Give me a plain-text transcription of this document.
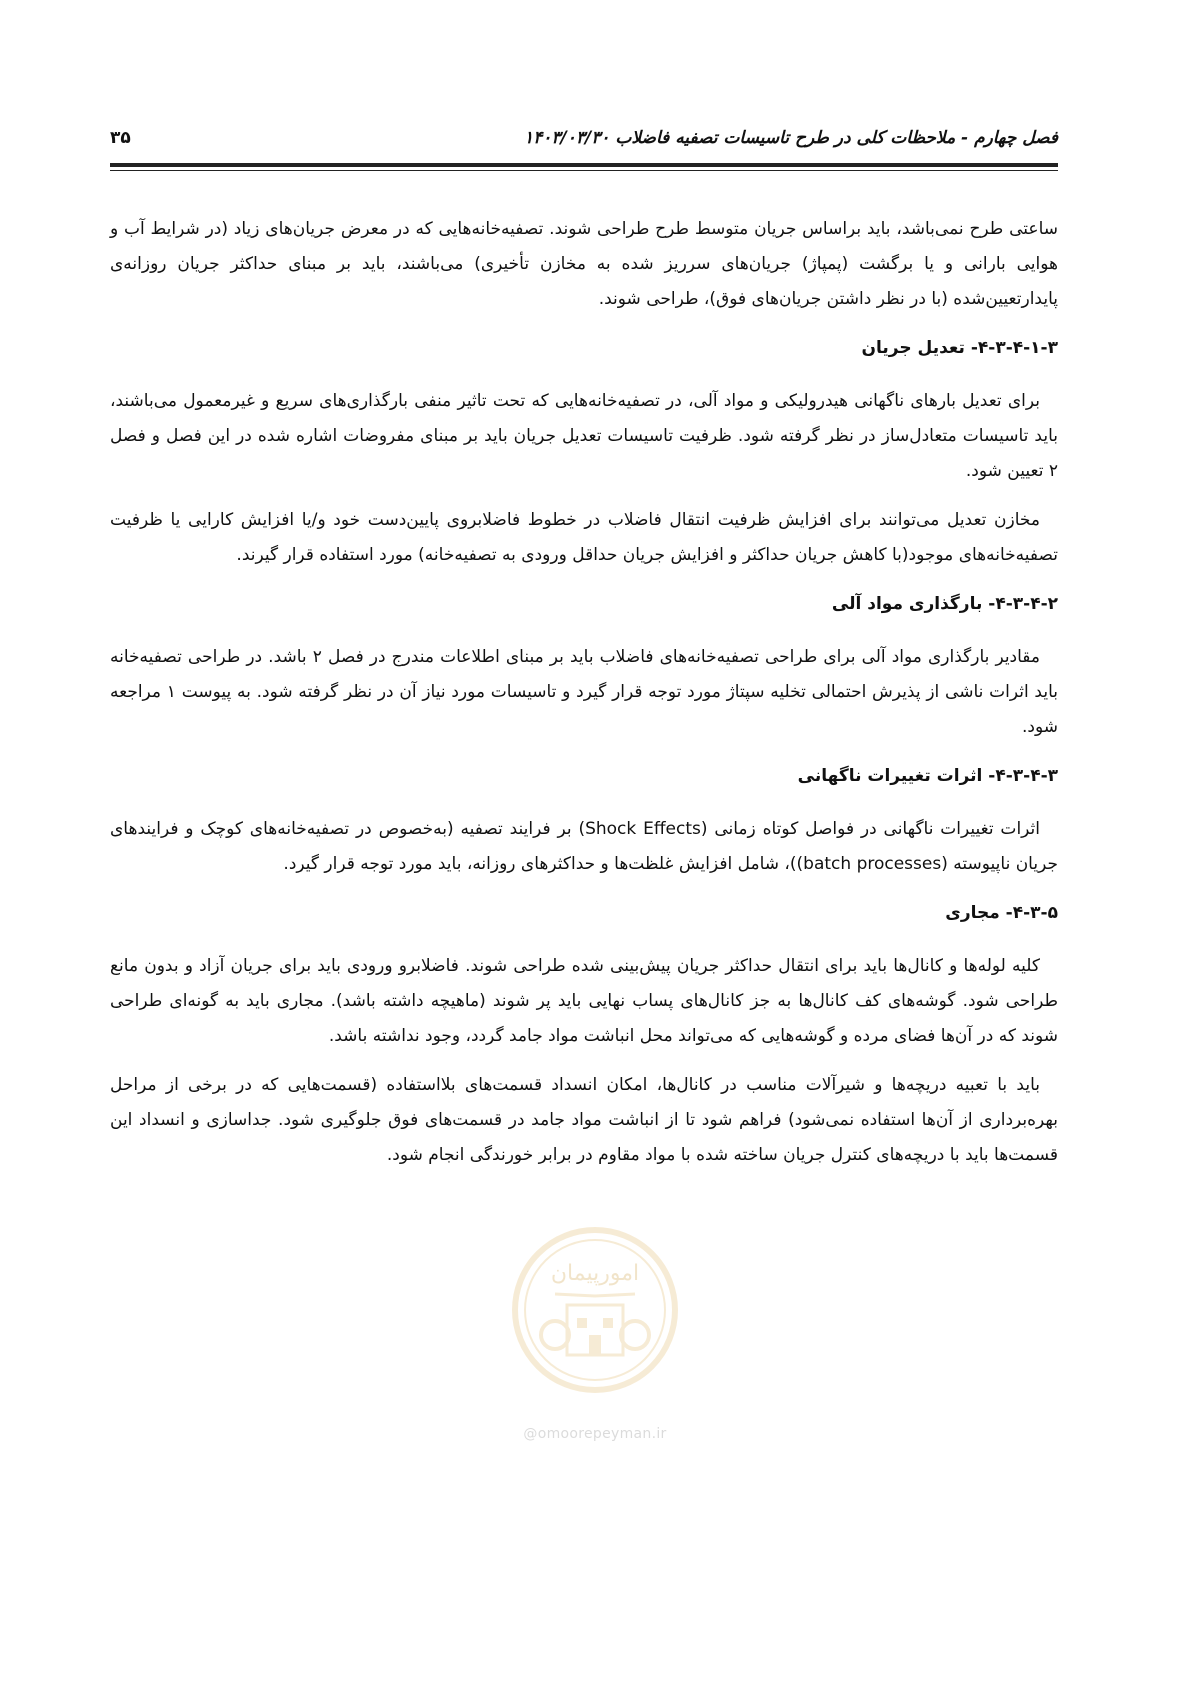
فصل چهارم - ملاحظات کلی در طرح تاسیسات تصفیه فاضلاب ۱۴۰۳/۰۳/۳۰
۳۵

ساعتی طرح نمی‌باشد، باید براساس جریان متوسط طرح طراحی شوند. تصفیه‌خانه‌هایی که در معرض جریان‌های زیاد (در شرایط آب و هوایی بارانی و یا برگشت (پمپاژ) جریان‌های سرریز شده به مخازن تأخیری) می‌باشند، باید بر مبنای حداکثر جریان روزانه‌ی پایدارتعیین‌شده (با در نظر داشتن جریان‌های فوق)، طراحی شوند.

۴-۳-۴-۱-۳- تعدیل جریان

برای تعدیل بارهای ناگهانی هیدرولیکی و مواد آلی، در تصفیه‌خانه‌هایی که تحت تاثیر منفی بارگذاری‌های سریع و غیرمعمول می‌باشند، باید تاسیسات متعادل‌ساز در نظر گرفته شود. ظرفیت تاسیسات تعدیل جریان باید بر مبنای مفروضات اشاره شده در این فصل و فصل ۲ تعیین شود.

مخازن تعدیل می‌توانند برای افزایش ظرفیت انتقال فاضلاب در خطوط فاضلابروی پایین‌دست خود و/یا افزایش کارایی یا ظرفیت تصفیه‌خانه‌های موجود(با کاهش جریان حداکثر و افزایش جریان حداقل ورودی به تصفیه‌خانه) مورد استفاده قرار گیرند.

۴-۳-۴-۲- بارگذاری مواد آلی

مقادیر بارگذاری مواد آلی برای طراحی تصفیه‌خانه‌های فاضلاب باید بر مبنای اطلاعات مندرج در فصل ۲ باشد. در طراحی تصفیه‌خانه باید اثرات ناشی از پذیرش احتمالی تخلیه سپتاژ مورد توجه قرار گیرد و تاسیسات مورد نیاز آن در نظر گرفته شود. به پیوست ۱ مراجعه شود.

۴-۳-۴-۳- اثرات تغییرات ناگهانی

اثرات تغییرات ناگهانی در فواصل کوتاه زمانی (Shock Effects) بر فرایند تصفیه (به‌خصوص در تصفیه‌خانه‌های کوچک و فرایندهای جریان ناپیوسته (batch processes))، شامل افزایش غلظت‌ها و حداکثرهای روزانه، باید مورد توجه قرار گیرد.

۴-۳-۵- مجاری

کلیه لوله‌ها و کانال‌ها باید برای انتقال حداکثر جریان پیش‌بینی شده طراحی شوند. فاضلابرو ورودی باید برای جریان آزاد و بدون مانع طراحی شود. گوشه‌های کف کانال‌ها به جز کانال‌های پساب نهایی باید پر شوند (ماهیچه داشته باشد). مجاری باید به گونه‌ای طراحی شوند که در آن‌ها فضای مرده و گوشه‌هایی که می‌تواند محل انباشت مواد جامد گردد، وجود نداشته باشد.

باید با تعبیه دریچه‌ها و شیرآلات مناسب در کانال‌ها، امکان انسداد قسمت‌های بلااستفاده (قسمت‌هایی که در برخی از مراحل بهره‌برداری از آن‌ها استفاده نمی‌شود) فراهم شود تا از انباشت مواد جامد در قسمت‌های فوق جلوگیری شود. جداسازی و انسداد این قسمت‌ها باید با دریچه‌های کنترل جریان ساخته شده با مواد مقاوم در برابر خورندگی انجام شود.

امورپیمان
@omoorepeyman.ir
